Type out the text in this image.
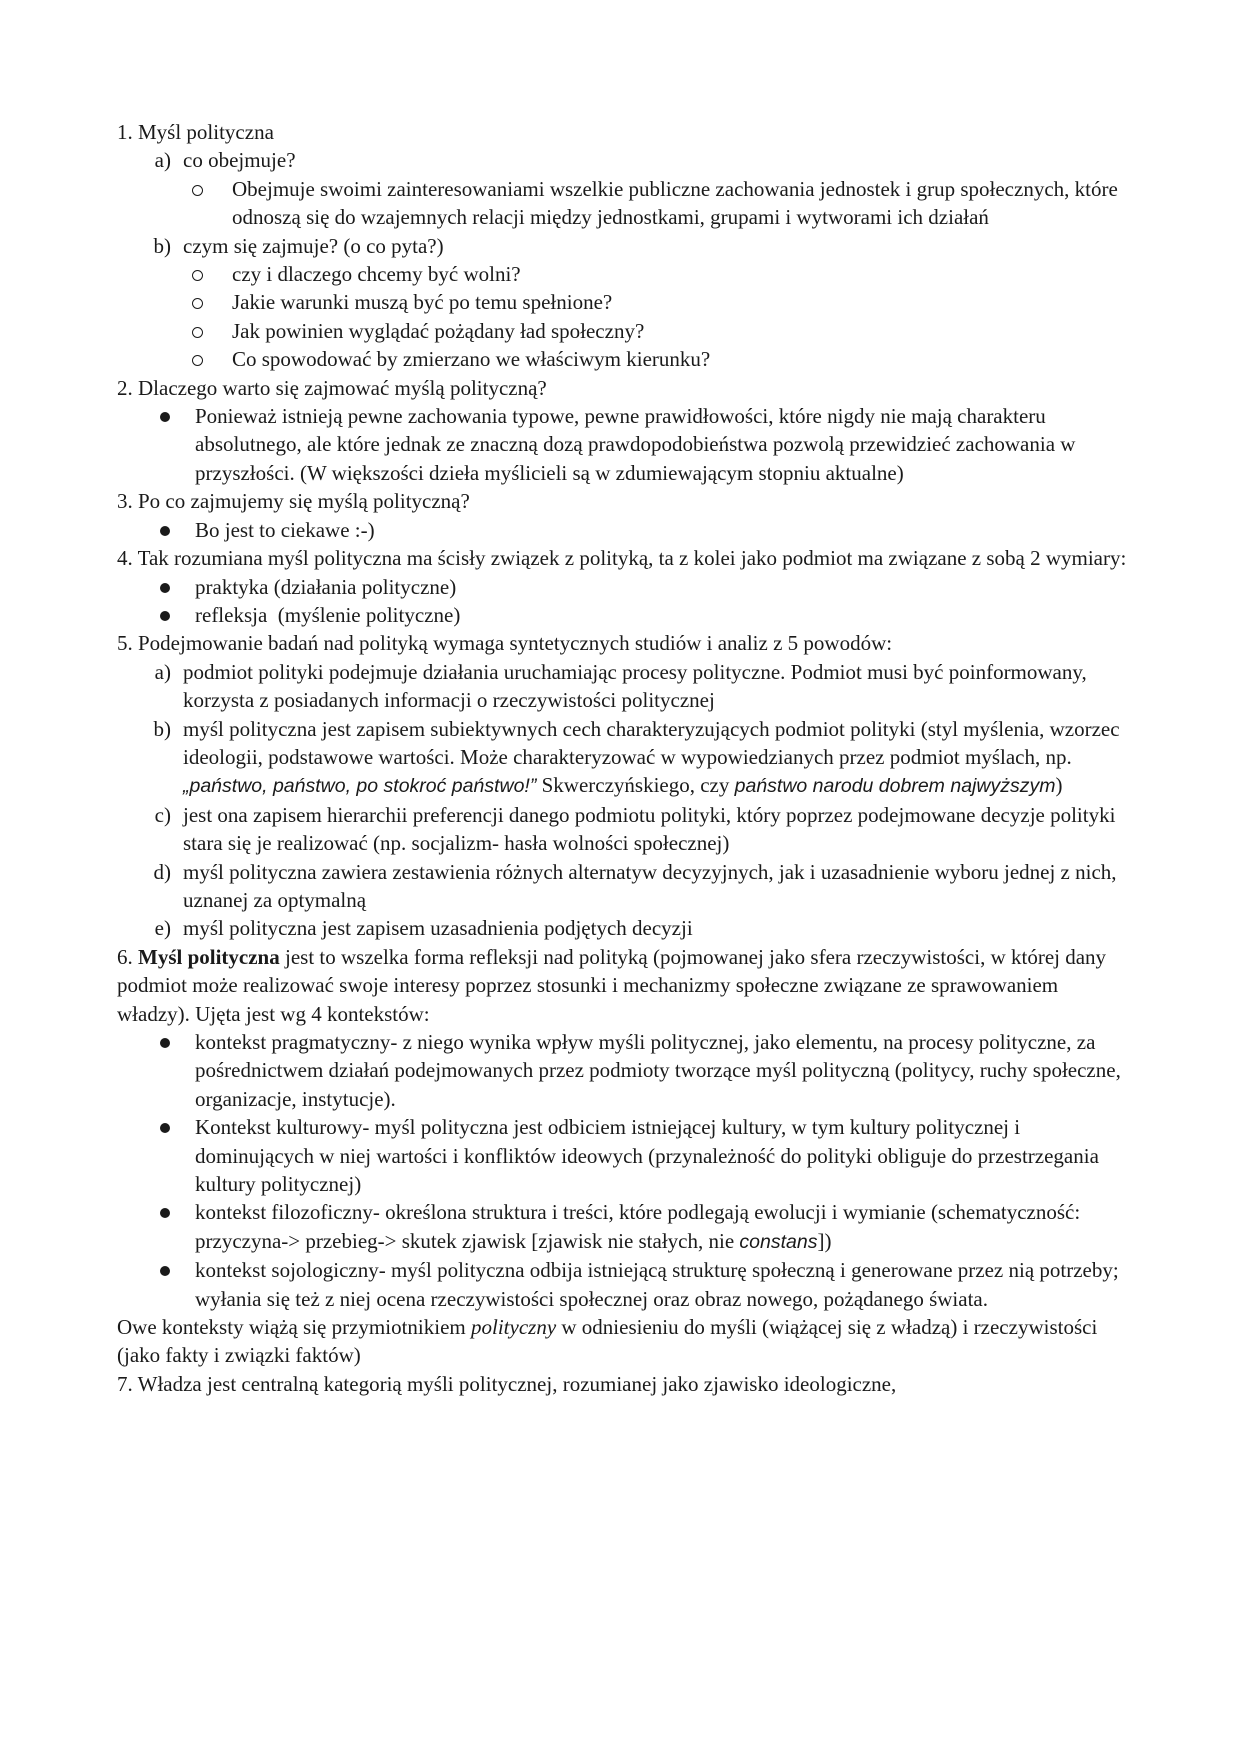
1. Myśl polityczna

a) co obejmuje?
Obejmuje swoimi zainteresowaniami wszelkie publiczne zachowania jednostek i grup społecznych, które odnoszą się do wzajemnych relacji między jednostkami, grupami i wytworami ich działań
b) czym się zajmuje? (o co pyta?)
czy i dlaczego chcemy być wolni?
Jakie warunki muszą być po temu spełnione?
Jak powinien wyglądać pożądany ład społeczny?
Co spowodować by zmierzano we właściwym kierunku?

2. Dlaczego warto się zajmować myślą polityczną?

Ponieważ istnieją pewne zachowania typowe, pewne prawidłowości, które nigdy nie mają charakteru absolutnego, ale które jednak ze znaczną dozą prawdopodobieństwa pozwolą przewidzieć zachowania w przyszłości. (W większości dzieła myślicieli są w zdumiewającym stopniu aktualne)

3. Po co zajmujemy się myślą polityczną?

Bo jest to ciekawe :-)

4. Tak rozumiana myśl polityczna ma ścisły związek z polityką, ta z kolei jako podmiot ma związane z sobą 2 wymiary:

praktyka (działania polityczne)
refleksja  (myślenie polityczne)

5. Podejmowanie badań nad polityką wymaga syntetycznych studiów i analiz z 5 powodów:

a) podmiot polityki podejmuje działania uruchamiając procesy polityczne. Podmiot musi być poinformowany, korzysta z posiadanych informacji o rzeczywistości politycznej
b) myśl polityczna jest zapisem subiektywnych cech charakteryzujących podmiot polityki (styl myślenia, wzorzec ideologii, podstawowe wartości. Może charakteryzować w wypowiedzianych przez podmiot myślach, np. „państwo, państwo, po stokroć państwo!” Skwerczyńskiego, czy państwo narodu dobrem najwyższym)
c) jest ona zapisem hierarchii preferencji danego podmiotu polityki, który poprzez podejmowane decyzje polityki stara się je realizować (np. socjalizm- hasła wolności społecznej)
d) myśl polityczna zawiera zestawienia różnych alternatyw decyzyjnych, jak i uzasadnienie wyboru jednej z nich, uznanej za optymalną
e) myśl polityczna jest zapisem uzasadnienia podjętych decyzji

6. Myśl polityczna jest to wszelka forma refleksji nad polityką (pojmowanej jako sfera rzeczywistości, w której dany podmiot może realizować swoje interesy poprzez stosunki i mechanizmy społeczne związane ze sprawowaniem władzy). Ujęta jest wg 4 kontekstów:

kontekst pragmatyczny- z niego wynika wpływ myśli politycznej, jako elementu, na procesy polityczne, za pośrednictwem działań podejmowanych przez podmioty tworzące myśl polityczną (politycy, ruchy społeczne, organizacje, instytucje).
Kontekst kulturowy- myśl polityczna jest odbiciem istniejącej kultury, w tym kultury politycznej i dominujących w niej wartości i konfliktów ideowych (przynależność do polityki obliguje do przestrzegania kultury politycznej)
kontekst filozoficzny- określona struktura i treści, które podlegają ewolucji i wymianie (schematyczność: przyczyna-> przebieg-> skutek zjawisk [zjawisk nie stałych, nie constans])
kontekst sojologiczny- myśl polityczna odbija istniejącą strukturę społeczną i generowane przez nią potrzeby; wyłania się też z niej ocena rzeczywistości społecznej oraz obraz nowego, pożądanego świata.

Owe konteksty wiążą się przymiotnikiem polityczny w odniesieniu do myśli (wiążącej się z władzą) i rzeczywistości (jako fakty i związki faktów)

7. Władza jest centralną kategorią myśli politycznej, rozumianej jako zjawisko ideologiczne,
